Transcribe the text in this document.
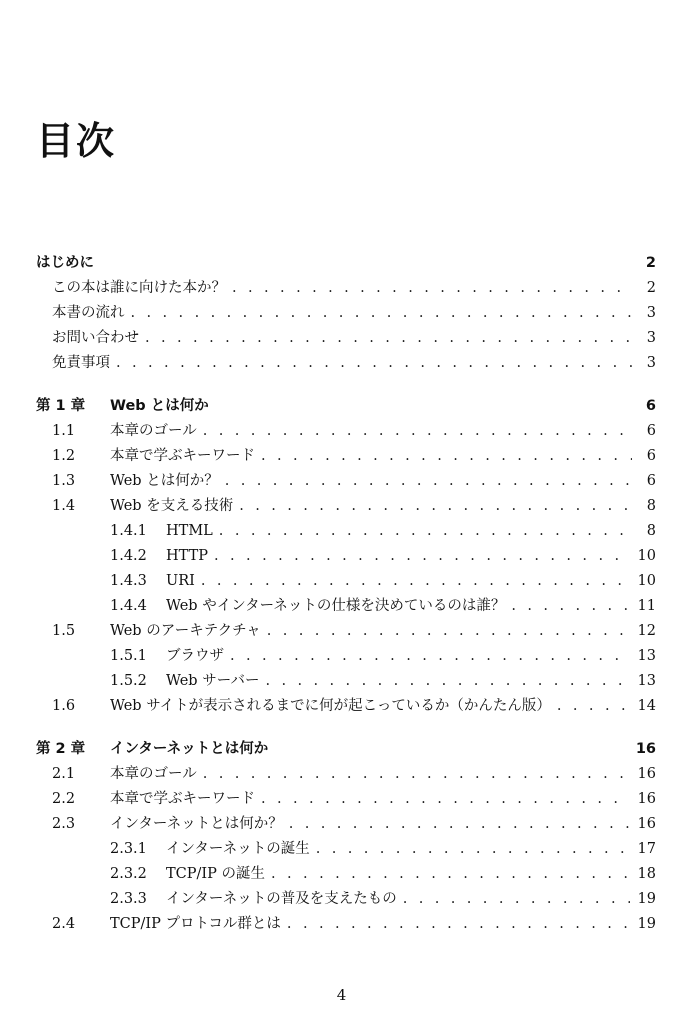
目次
はじめに	2
この本は誰に向けた本か？ . . .	2
本書の流れ . . .	3
お問い合わせ . . .	3
免責事項 . . .	3
第 1 章	Web とは何か	6
1.1	本章のゴール . . .	6
1.2	本章で学ぶキーワード . . .	6
1.3	Web とは何か？ . . .	6
1.4	Web を支える技術 . . .	8
1.4.1	HTML . . .	8
1.4.2	HTTP . . .	10
1.4.3	URI . . .	10
1.4.4	Web やインターネットの仕様を決めているのは誰？ . . .	11
1.5	Web のアーキテクチャ . . .	12
1.5.1	ブラウザ . . .	13
1.5.2	Web サーバー . . .	13
1.6	Web サイトが表示されるまでに何が起こっているか（かんたん版） . . .	14
第 2 章	インターネットとは何か	16
2.1	本章のゴール . . .	16
2.2	本章で学ぶキーワード . . .	16
2.3	インターネットとは何か？ . . .	16
2.3.1	インターネットの誕生 . . .	17
2.3.2	TCP/IP の誕生 . . .	18
2.3.3	インターネットの普及を支えたもの . . .	19
2.4	TCP/IP プロトコル群とは . . .	19
4
